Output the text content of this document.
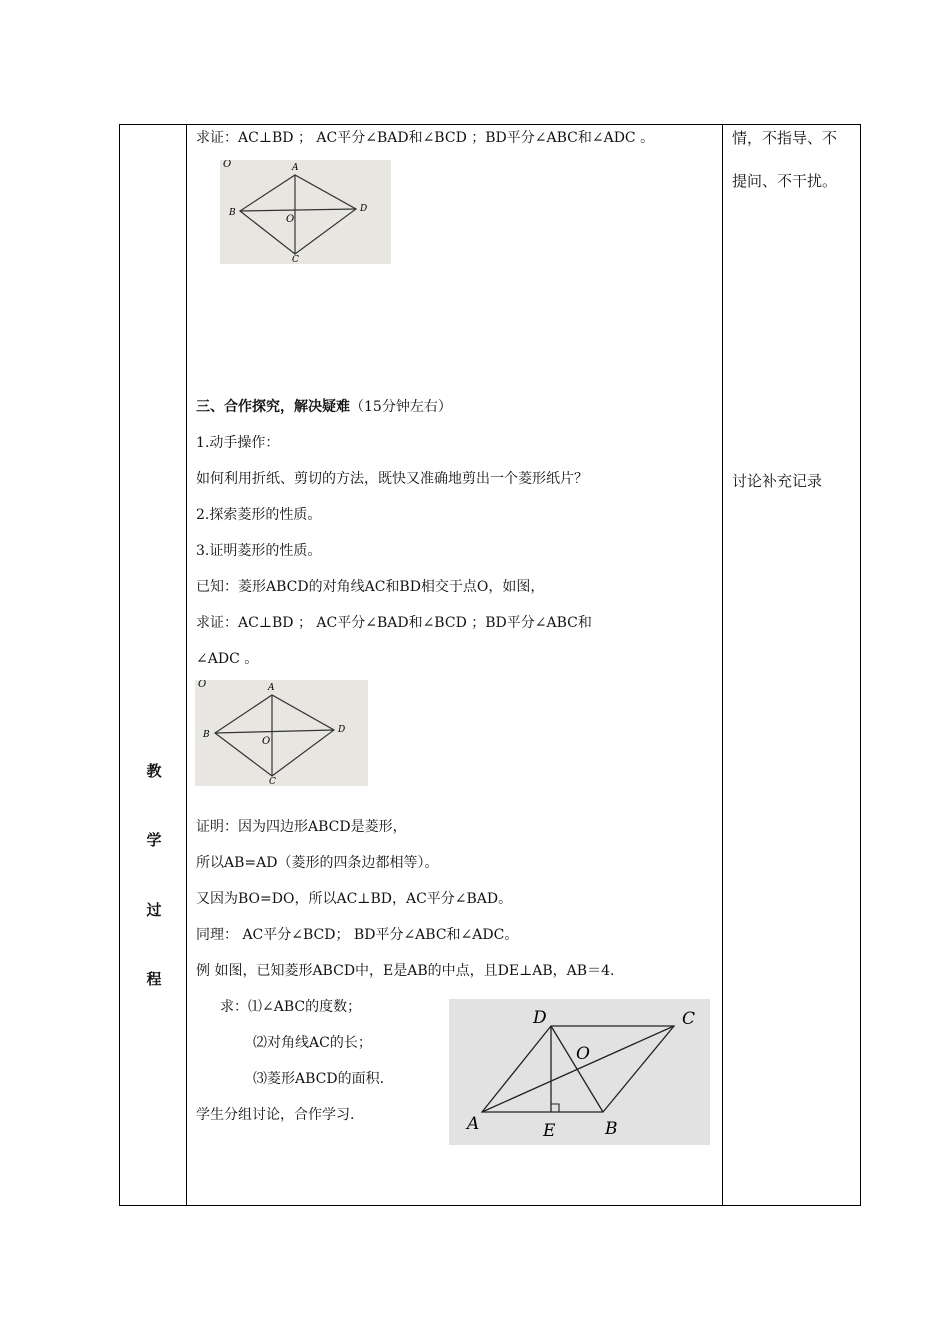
求证：AC⊥BD ； AC平分∠BAD和∠BCD ；BD平分∠ABC和∠ADC 。
O	A
B
O
D
C
情，不指导、不
提问、不干扰。
讨论补充记录
三、合作探究，解决疑难（15分钟左右）
1.动手操作：
如何利用折纸、剪切的方法，既快又准确地剪出一个菱形纸片？
2.探索菱形的性质。
3.证明菱形的性质。
已知：菱形ABCD的对角线AC和BD相交于点O，如图，
求证：AC⊥BD ； AC平分∠BAD和∠BCD ；BD平分∠ABC和
∠ADC 。
O	A
B
O
D
C
证明：因为四边形ABCD是菱形，
所以AB=AD（菱形的四条边都相等）。
又因为BO=DO，所以AC⊥BD，AC平分∠BAD。
同理： AC平分∠BCD； BD平分∠ABC和∠ADC。
例 如图，已知菱形ABCD中，E是AB的中点，且DE⊥AB，AB＝4.
求：⑴∠ABC的度数；
⑵对角线AC的长；
⑶菱形ABCD的面积.
学生分组讨论，合作学习.
D	C
O
A	E	B
教
学
过
程
